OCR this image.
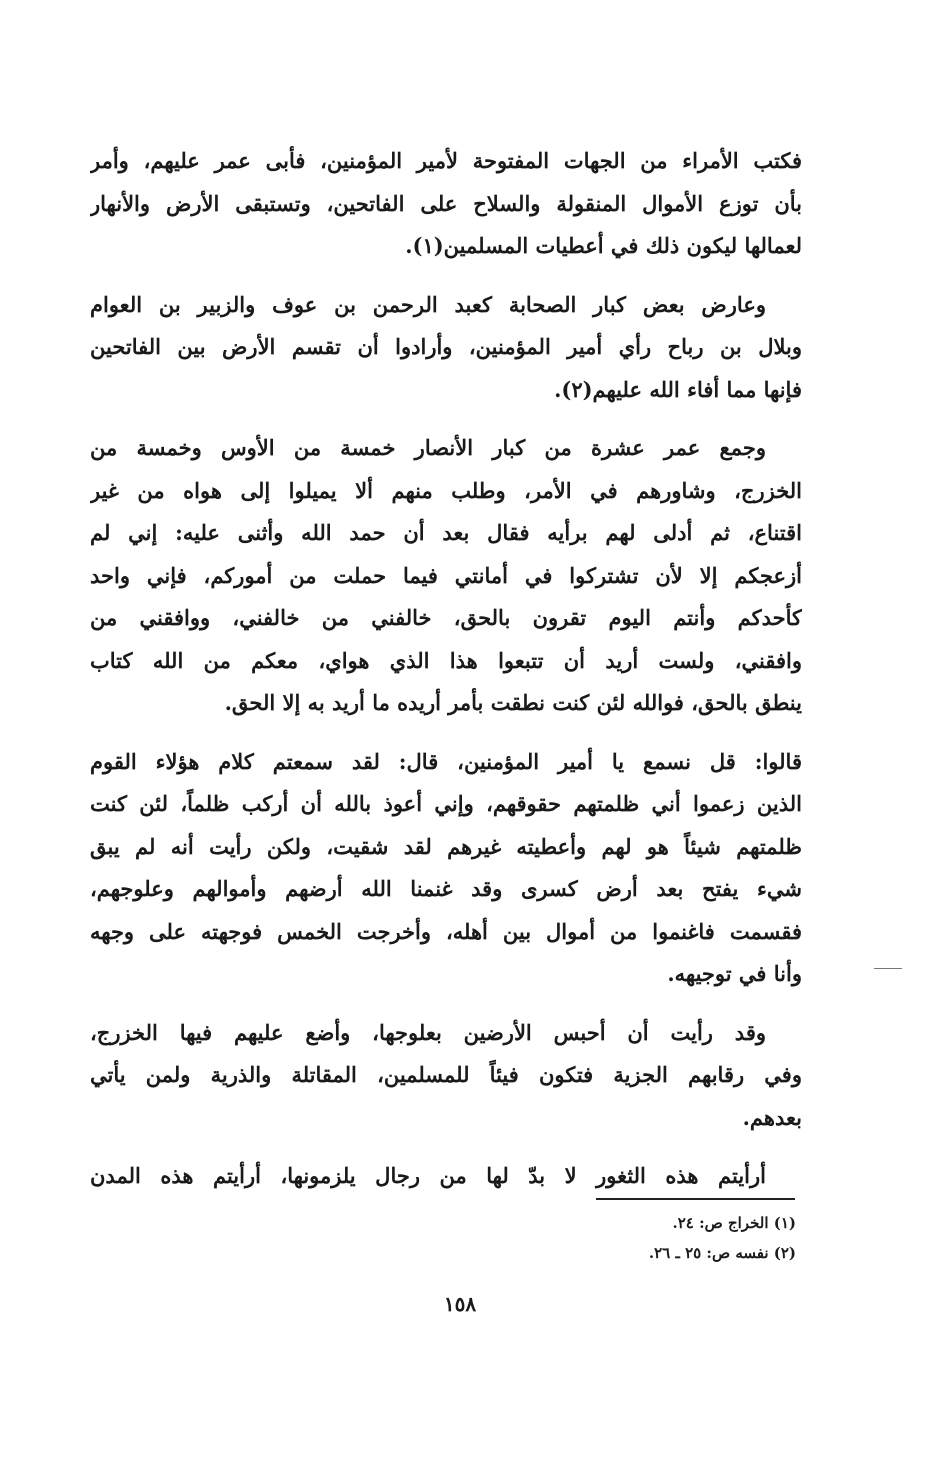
فكتب الأمراء من الجهات المفتوحة لأمير المؤمنين، فأبى عمر عليهم، وأمر
بأن توزع الأموال المنقولة والسلاح على الفاتحين، وتستبقى الأرض والأنهار
لعمالها ليكون ذلك في أعطيات المسلمين(١).
وعارض بعض كبار الصحابة كعبد الرحمن بن عوف والزبير بن العوام
وبلال بن رباح رأي أمير المؤمنين، وأرادوا أن تقسم الأرض بين الفاتحين
فإنها مما أفاء الله عليهم(٢).
وجمع عمر عشرة من كبار الأنصار خمسة من الأوس وخمسة من
الخزرج، وشاورهم في الأمر، وطلب منهم ألا يميلوا إلى هواه من غير
اقتناع، ثم أدلى لهم برأيه فقال بعد أن حمد الله وأثنى عليه: إني لم
أزعجكم إلا لأن تشتركوا في أمانتي فيما حملت من أموركم، فإني واحد
كأحدكم وأنتم اليوم تقرون بالحق، خالفني من خالفني، ووافقني من
وافقني، ولست أريد أن تتبعوا هذا الذي هواي، معكم من الله كتاب
ينطق بالحق، فوالله لئن كنت نطقت بأمر أريده ما أريد به إلا الحق.
قالوا: قل نسمع يا أمير المؤمنين، قال: لقد سمعتم كلام هؤلاء القوم
الذين زعموا أني ظلمتهم حقوقهم، وإني أعوذ بالله أن أركب ظلماً، لئن كنت
ظلمتهم شيئاً هو لهم وأعطيته غيرهم لقد شقيت، ولكن رأيت أنه لم يبق
شيء يفتح بعد أرض كسرى وقد غنمنا الله أرضهم وأموالهم وعلوجهم،
فقسمت فاغنموا من أموال بين أهله، وأخرجت الخمس فوجهته على وجهه
وأنا في توجيهه.
وقد رأيت أن أحبس الأرضين بعلوجها، وأضع عليهم فيها الخزرج،
وفي رقابهم الجزية فتكون فيئاً للمسلمين، المقاتلة والذرية ولمن يأتي
بعدهم.
أرأيتم هذه الثغور لا بدّ لها من رجال يلزمونها، أرأيتم هذه المدن
(١) الخراج ص: ٢٤.
(٢) نفسه ص: ٢٥ ـ ٢٦.
١٥٨
